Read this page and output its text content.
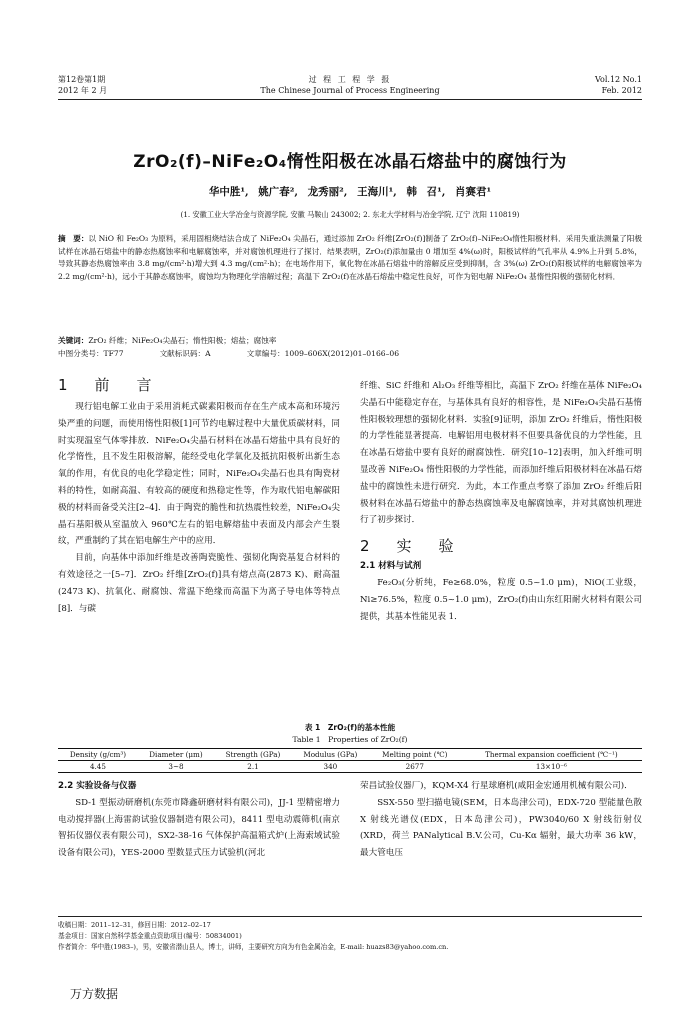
第12卷第1期
2012 年 2 月
过 程 工 程 学 报
The Chinese Journal of Process Engineering
Vol.12 No.1
Feb. 2012
ZrO₂(f)–NiFe₂O₄惰性阳极在冰晶石熔盐中的腐蚀行为
华中胜¹, 姚广春², 龙秀丽², 王海川¹, 韩 召¹, 肖赛君¹
(1. 安徽工业大学冶金与资源学院, 安徽 马鞍山 243002; 2. 东北大学材料与冶金学院, 辽宁 沈阳 110819)
摘　要：以 NiO 和 Fe₂O₃ 为原料，采用固相烧结法合成了 NiFe₂O₄ 尖晶石，通过添加 ZrO₂ 纤维[ZrO₂(f)]制备了 ZrO₂(f)–NiFe₂O₄惰性阳极材料．采用失重法测量了阳极试样在冰晶石熔盐中的静态热腐蚀率和电解腐蚀率，并对腐蚀机理进行了探讨．结果表明，ZrO₂(f)添加量由 0 增加至 4%(ω)时，阳极试样的气孔率从 4.9%上升到 5.8%，导致其静态热腐蚀率由 3.8 mg/(cm²·h)增大到 4.3 mg/(cm²·h)；在电场作用下，氧化物在冰晶石熔盐中的溶解反应受到抑制，含 3%(ω) ZrO₂(f)阳极试样的电解腐蚀率为 2.2 mg/(cm²·h)，远小于其静态腐蚀率，腐蚀均为物理化学溶解过程；高温下 ZrO₂(f)在冰晶石熔盐中稳定性良好，可作为铝电解 NiFe₂O₄ 基惰性阳极的强韧化材料．
关键词：ZrO₂ 纤维；NiFe₂O₄尖晶石；惰性阳极；熔盐；腐蚀率
中图分类号：TF77	文献标识码：A	文章编号：1009–606X(2012)01–0166–06
1　前　言

现行铝电解工业由于采用消耗式碳素阳极而存在生产成本高和环境污染严重的问题，而使用惰性阳极[1]可节约电解过程中大量优质碳材料，同时实现温室气体零排放．NiFe₂O₄尖晶石材料在冰晶石熔盐中具有良好的化学惰性，且不发生阳极溶解，能经受电化学氧化及抵抗阳极析出新生态氧的作用，有优良的电化学稳定性；同时，NiFe₂O₄尖晶石也具有陶瓷材料的特性，如耐高温、有较高的硬度和热稳定性等，作为取代铝电解碳阳极的材料而备受关注[2–4]．由于陶瓷的脆性和抗热震性较差，NiFe₂O₄尖晶石基阳极从室温放入 960℃左右的铝电解熔盐中表面及内部会产生裂纹，严重制约了其在铝电解生产中的应用．

目前，向基体中添加纤维是改善陶瓷脆性、强韧化陶瓷基复合材料的有效途径之一[5–7]．ZrO₂ 纤维[ZrO₂(f)]具有熔点高(2873 K)、耐高温(2473 K)、抗氧化、耐腐蚀、常温下绝缘而高温下为离子导电体等特点[8]．与碳

纤维、SiC 纤维和 Al₂O₃ 纤维等相比，高温下 ZrO₂ 纤维在基体 NiFe₂O₄尖晶石中能稳定存在，与基体具有良好的相容性，是 NiFe₂O₄尖晶石基惰性阳极较理想的强韧化材料．实验[9]证明，添加 ZrO₂ 纤维后，惰性阳极的力学性能显著提高．电解铝用电极材料不但要具备优良的力学性能，且在冰晶石熔盐中要有良好的耐腐蚀性．研究[10–12]表明，加入纤维可明显改善 NiFe₂O₄ 惰性阳极的力学性能，而添加纤维后阳极材料在冰晶石熔盐中的腐蚀性未进行研究．为此，本工作重点考察了添加 ZrO₂ 纤维后阳极材料在冰晶石熔盐中的静态热腐蚀率及电解腐蚀率，并对其腐蚀机理进行了初步探讨．

2　实　验
2.1 材料与试剂

Fe₂O₃(分析纯，Fe≥68.0%，粒度 0.5~1.0 μm)，NiO(工业级，Ni≥76.5%，粒度 0.5~1.0 μm)，ZrO₂(f)由山东红阳耐火材料有限公司提供，其基本性能见表 1．

表 1　ZrO₂(f)的基本性能
Table 1　Properties of ZrO₂(f)
Density (g/cm³)	Diameter (μm)	Strength (GPa)	Modulus (GPa)	Melting point (℃)	Thermal expansion coefficient (℃⁻¹)
4.45	3~8	2.1	340	2677	13×10⁻⁶
2.2 实验设备与仪器

SD-1 型振动研磨机(东莞市降鑫研磨材料有限公司)，JJ-1 型精密增力电动搅拌器(上海雷韵试验仪器制造有限公司)，8411 型电动震筛机(南京智拓仪器仪表有限公司)，SX2-38-16 气体保护高温箱式炉(上海索域试验设备有限公司)，YES-2000 型数显式压力试验机(河北

荣昌试验仪器厂)，KQM-X4 行星球磨机(咸阳金宏通用机械有限公司)．

SSX-550 型扫描电镜(SEM，日本岛津公司)，EDX-720 型能量色散 X 射线光谱仪(EDX，日本岛津公司)，PW3040/60 X 射线衍射仪(XRD，荷兰 PANalytical B.V.公司，Cu-Kα 辐射，最大功率 36 kW，最大管电压

收稿日期：2011–12–31，修回日期：2012–02–17
基金项目：国家自然科学基金重点资助项目(编号：50834001)
作者简介：华中胜(1983–)，男，安徽省潜山县人，博士，讲师，主要研究方向为有色金属冶金，E-mail: huazs83@yahoo.com.cn.
万方数据
